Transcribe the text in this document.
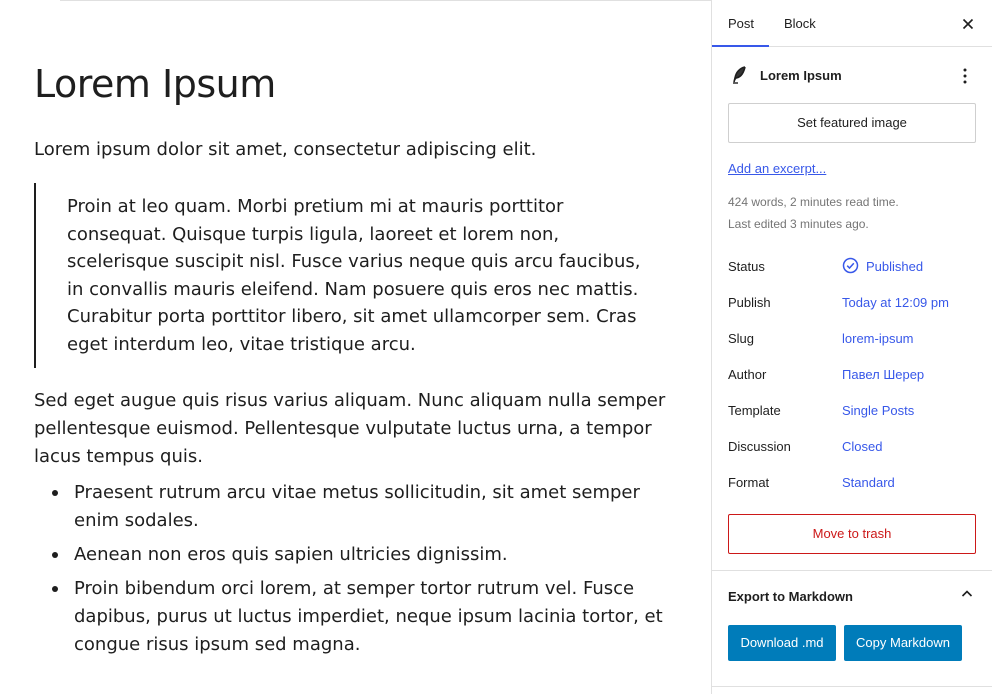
Lorem Ipsum

Lorem ipsum dolor sit amet, consectetur adipiscing elit.

Proin at leo quam. Morbi pretium mi at mauris porttitor consequat. Quisque turpis ligula, laoreet et lorem non, scelerisque suscipit nisl. Fusce varius neque quis arcu faucibus, in convallis mauris eleifend. Nam posuere quis eros nec mattis. Curabitur porta porttitor libero, sit amet ullamcorper sem. Cras eget interdum leo, vitae tristique arcu.

Sed eget augue quis risus varius aliquam. Nunc aliquam nulla semper pellentesque euismod. Pellentesque vulputate luctus urna, a tempor lacus tempus quis.

Praesent rutrum arcu vitae metus sollicitudin, sit amet semper enim sodales.
Aenean non eros quis sapien ultricies dignissim.
Proin bibendum orci lorem, at semper tortor rutrum vel. Fusce dapibus, purus ut luctus imperdiet, neque ipsum lacinia tortor, et congue risus ipsum sed magna.
Post Block
Lorem Ipsum
Set featured image
Add an excerpt...
424 words, 2 minutes read time.
Last edited 3 minutes ago.
Status	Published
Publish	Today at 12:09 pm
Slug	lorem-ipsum
Author	Павел Шерер
Template	Single Posts
Discussion	Closed
Format	Standard
Move to trash
Export to Markdown
Download .md	Copy Markdown
